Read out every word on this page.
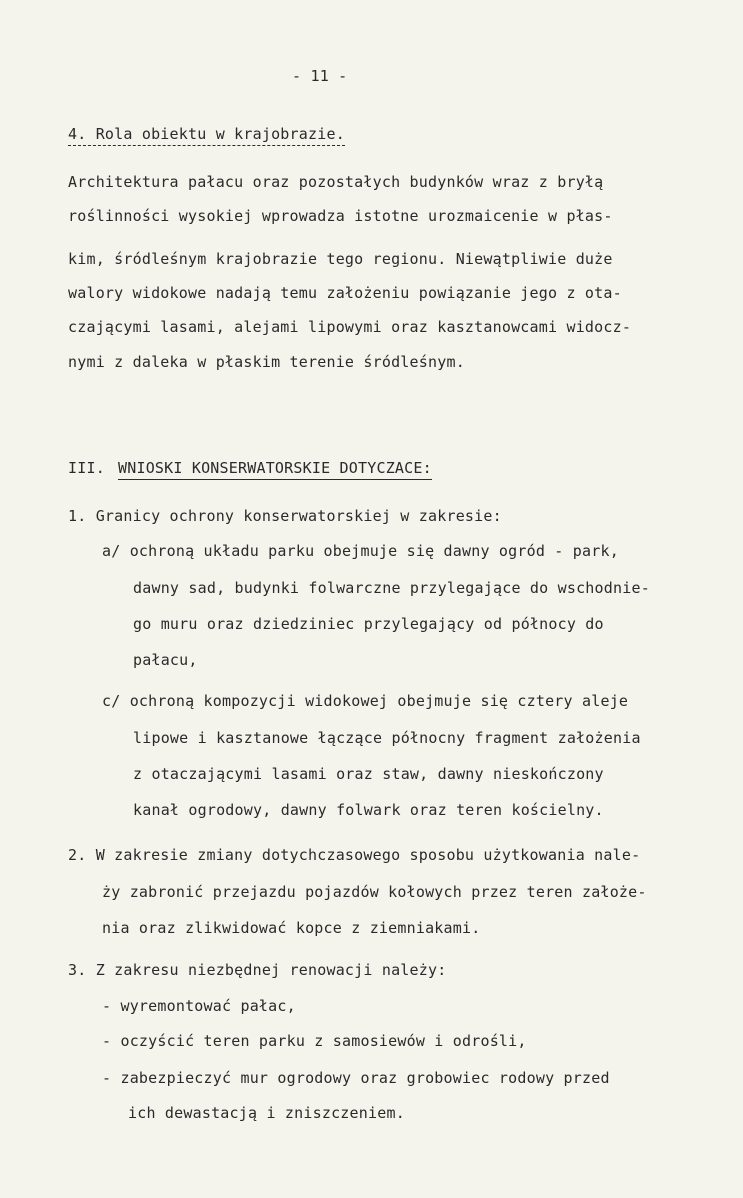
- 11 -
4. Rola obiektu w krajobrazie.
Architektura pałacu oraz pozostałych budynków wraz z bryłą
roślinności wysokiej wprowadza istotne urozmaicenie w płas-
kim, śródleśnym krajobrazie tego regionu. Niewątpliwie duże
walory widokowe nadają temu założeniu powiązanie jego z ota-
czającymi lasami, alejami lipowymi oraz kasztanowcami widocz-
nymi z daleka w płaskim terenie śródleśnym.
III. WNIOSKI KONSERWATORSKIE DOTYCZACE:
1. Granicy ochrony konserwatorskiej w zakresie:
a/ ochroną układu parku obejmuje się dawny ogród - park,
dawny sad, budynki folwarczne przylegające do wschodnie-
go muru oraz dziedziniec przylegający od północy do
pałacu,
c/ ochroną kompozycji widokowej obejmuje się cztery aleje
lipowe i kasztanowe łączące północny fragment założenia
z otaczającymi lasami oraz staw, dawny nieskończony
kanał ogrodowy, dawny folwark oraz teren kościelny.
2. W zakresie zmiany dotychczasowego sposobu użytkowania nale-
ży zabronić przejazdu pojazdów kołowych przez teren założe-
nia oraz zlikwidować kopce z ziemniakami.
3. Z zakresu niezbędnej renowacji należy:
- wyremontować pałac,
- oczyścić teren parku z samosiewów i odrośli,
- zabezpieczyć mur ogrodowy oraz grobowiec rodowy przed
ich dewastacją i zniszczeniem.
